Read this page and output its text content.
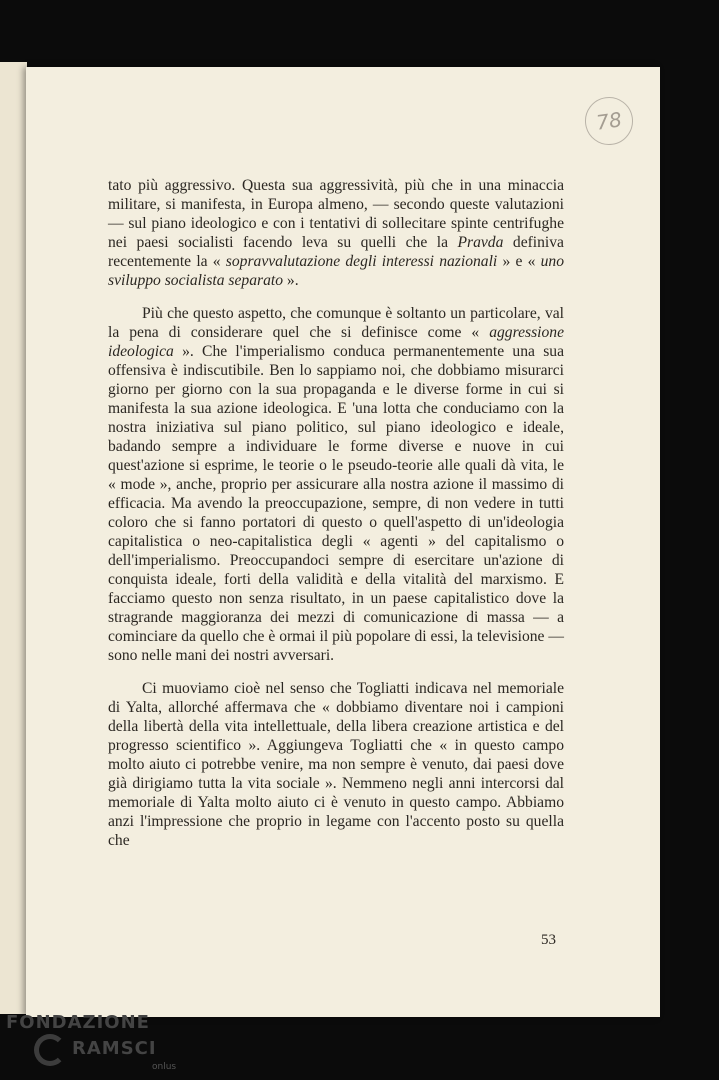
78

tato più aggressivo. Questa sua aggressività, più che in una minaccia militare, si manifesta, in Europa almeno, — secondo queste valutazioni — sul piano ideologico e con i tentativi di sollecitare spinte centrifughe nei paesi socialisti facendo leva su quelli che la Pravda definiva recentemente la « sopravvalutazione degli interessi nazionali » e « uno sviluppo socialista separato ».

Più che questo aspetto, che comunque è soltanto un particolare, val la pena di considerare quel che si definisce come « aggressione ideologica ». Che l'imperialismo conduca permanentemente una sua offensiva è indiscutibile. Ben lo sappiamo noi, che dobbiamo misurarci giorno per giorno con la sua propaganda e le diverse forme in cui si manifesta la sua azione ideologica. E 'una lotta che conduciamo con la nostra iniziativa sul piano politico, sul piano ideologico e ideale, badando sempre a individuare le forme diverse e nuove in cui quest'azione si esprime, le teorie o le pseudo-teorie alle quali dà vita, le « mode », anche, proprio per assicurare alla nostra azione il massimo di efficacia. Ma avendo la preoccupazione, sempre, di non vedere in tutti coloro che si fanno portatori di questo o quell'aspetto di un'ideologia capitalistica o neo-capitalistica degli « agenti » del capitalismo o dell'imperialismo. Preoccupandoci sempre di esercitare un'azione di conquista ideale, forti della validità e della vitalità del marxismo. E facciamo questo non senza risultato, in un paese capitalistico dove la stragrande maggioranza dei mezzi di comunicazione di massa — a cominciare da quello che è ormai il più popolare di essi, la televisione — sono nelle mani dei nostri avversari.

Ci muoviamo cioè nel senso che Togliatti indicava nel memoriale di Yalta, allorché affermava che « dobbiamo diventare noi i campioni della libertà della vita intellettuale, della libera creazione artistica e del progresso scientifico ». Aggiungeva Togliatti che « in questo campo molto aiuto ci potrebbe venire, ma non sempre è venuto, dai paesi dove già dirigiamo tutta la vita sociale ». Nemmeno negli anni intercorsi dal memoriale di Yalta molto aiuto ci è venuto in questo campo. Abbiamo anzi l'impressione che proprio in legame con l'accento posto su quella che

53
FONDAZIONE
RAMSCI
onlus
